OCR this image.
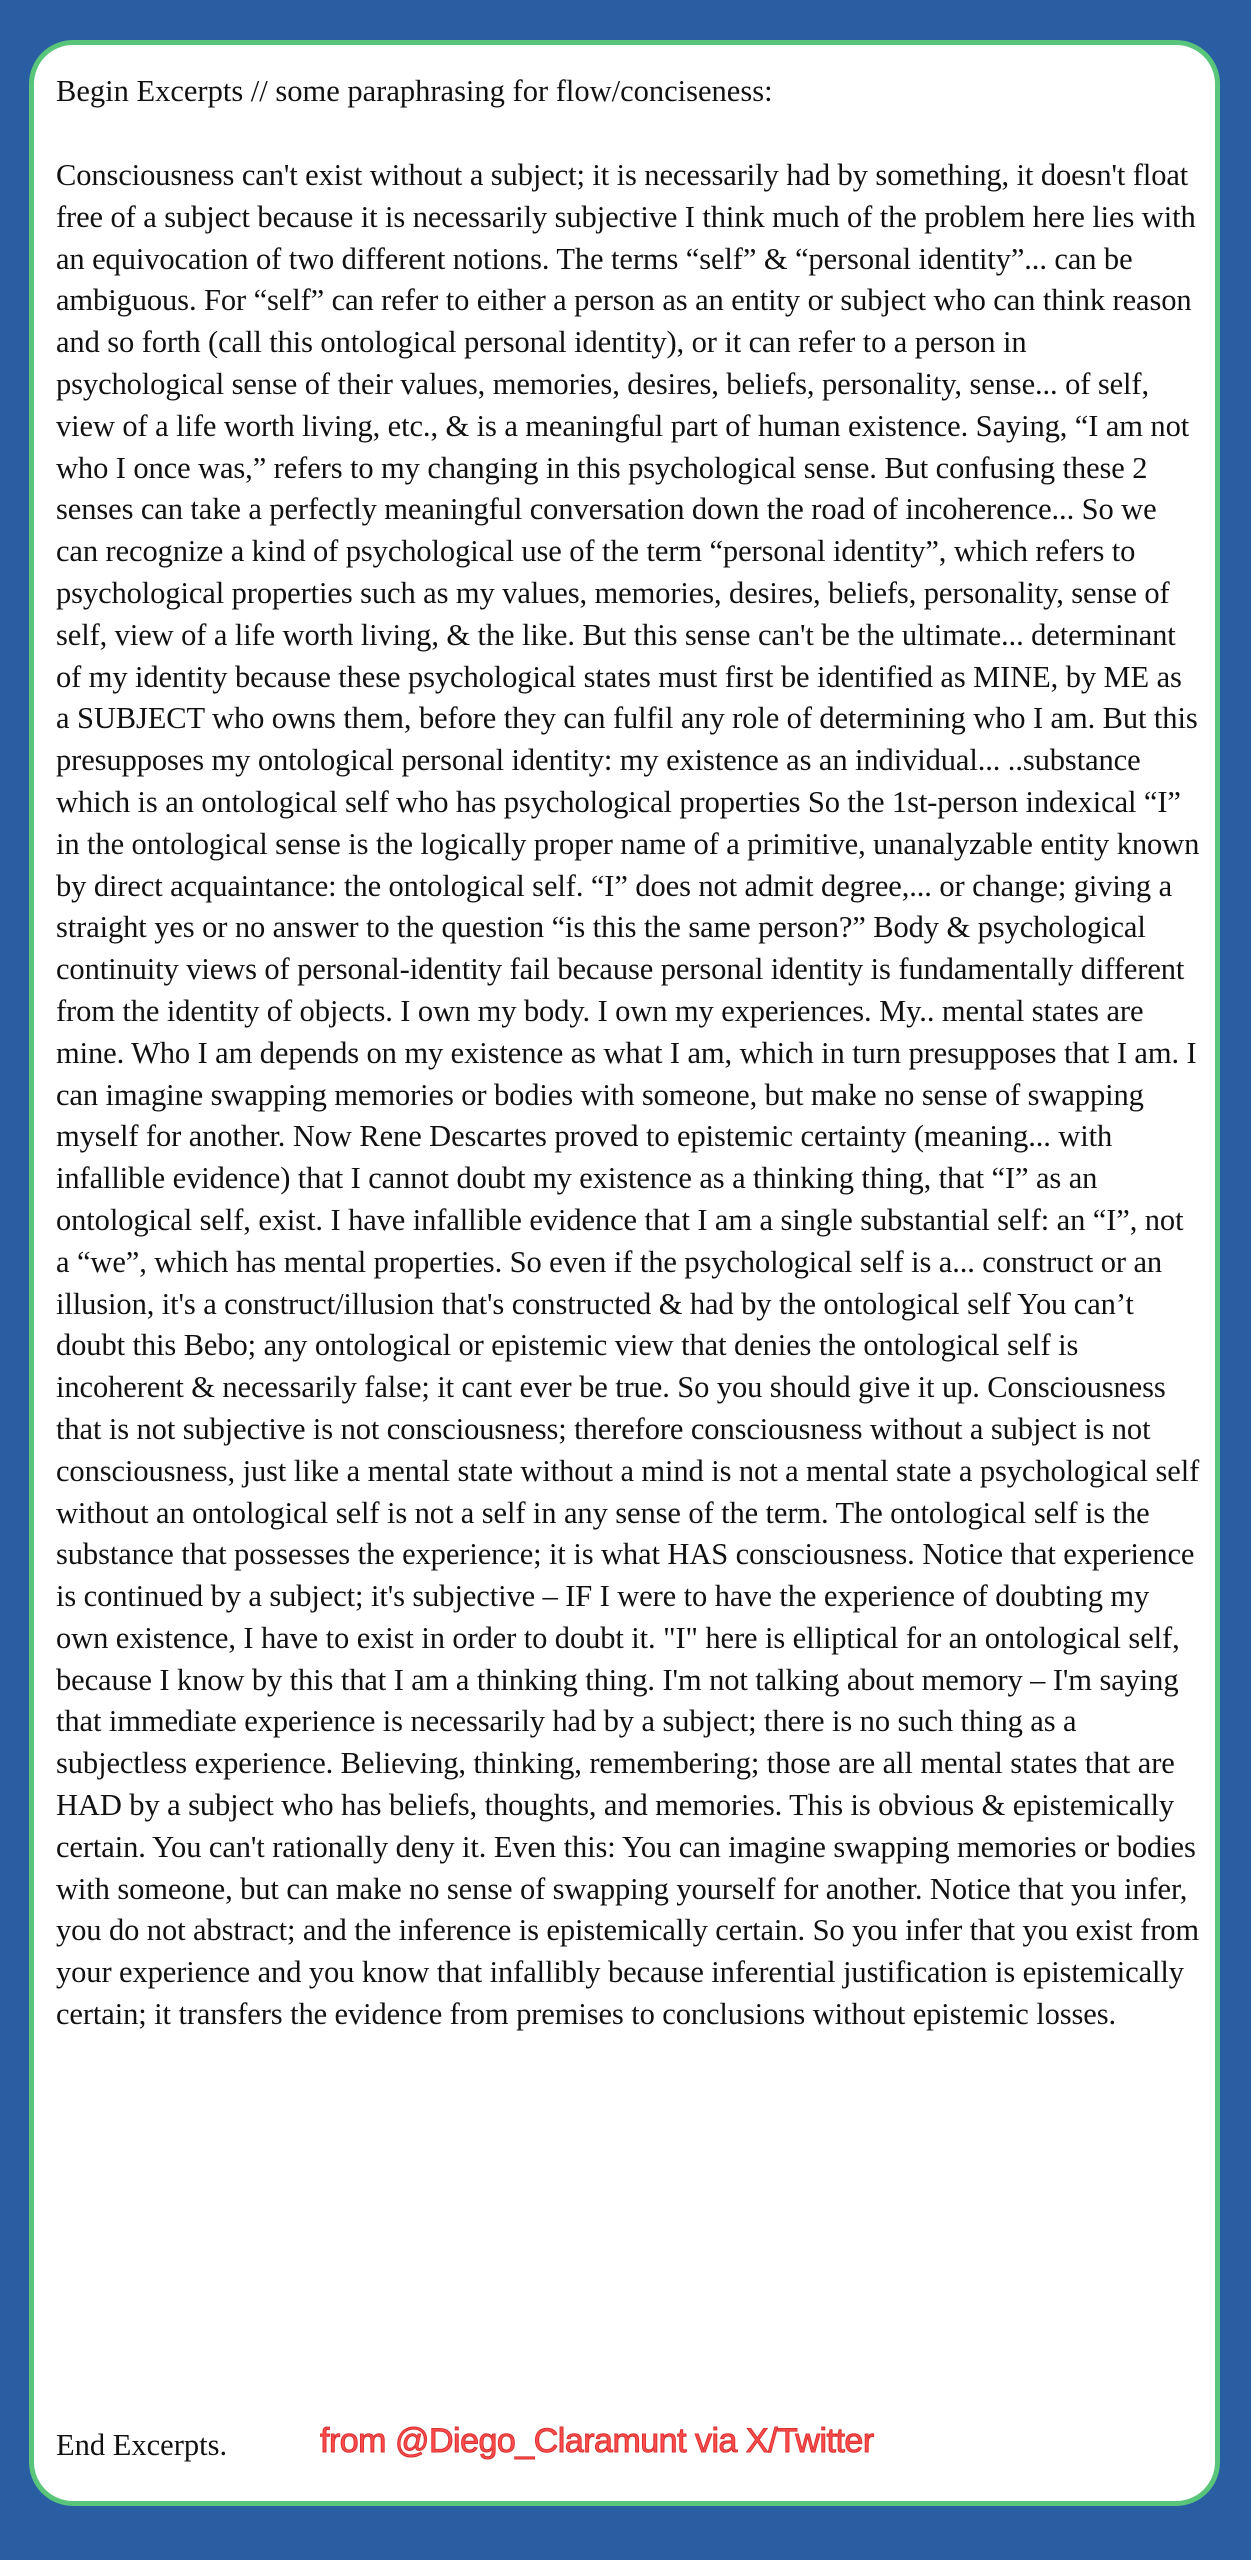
Begin Excerpts // some paraphrasing for flow/conciseness:

Consciousness can't exist without a subject; it is necessarily had by something, it doesn't float free of a subject because it is necessarily subjective I think much of the problem here lies with an equivocation of two different notions. The terms “self” & “personal identity”... can be ambiguous. For “self” can refer to either a person as an entity or subject who can think reason and so forth (call this ontological personal identity), or it can refer to a person in psychological sense of their values, memories, desires, beliefs, personality, sense... of self, view of a life worth living, etc., & is a meaningful part of human existence. Saying, “I am not who I once was,” refers to my changing in this psychological sense. But confusing these 2 senses can take a perfectly meaningful conversation down the road of incoherence... So we can recognize a kind of psychological use of the term “personal identity”, which refers to psychological properties such as my values, memories, desires, beliefs, personality, sense of self, view of a life worth living, & the like. But this sense can't be the ultimate... determinant of my identity because these psychological states must first be identified as MINE, by ME as a SUBJECT who owns them, before they can fulfil any role of determining who I am. But this presupposes my ontological personal identity: my existence as an individual... ..substance which is an ontological self who has psychological properties So the 1st-person indexical “I” in the ontological sense is the logically proper name of a primitive, unanalyzable entity known by direct acquaintance: the ontological self. “I” does not admit degree,... or change; giving a straight yes or no answer to the question “is this the same person?” Body & psychological continuity views of personal-identity fail because personal identity is fundamentally different from the identity of objects. I own my body. I own my experiences. My.. mental states are mine. Who I am depends on my existence as what I am, which in turn presupposes that I am. I can imagine swapping memories or bodies with someone, but make no sense of swapping myself for another. Now Rene Descartes proved to epistemic certainty (meaning... with infallible evidence) that I cannot doubt my existence as a thinking thing, that “I” as an ontological self, exist. I have infallible evidence that I am a single substantial self: an “I”, not a “we”, which has mental properties. So even if the psychological self is a... construct or an illusion, it's a construct/illusion that's constructed & had by the ontological self You can’t doubt this Bebo; any ontological or epistemic view that denies the ontological self is incoherent & necessarily false; it cant ever be true. So you should give it up. Consciousness that is not subjective is not consciousness; therefore consciousness without a subject is not consciousness, just like a mental state without a mind is not a mental state a psychological self without an ontological self is not a self in any sense of the term. The ontological self is the substance that possesses the experience; it is what HAS consciousness. Notice that experience is continued by a subject; it's subjective – IF I were to have the experience of doubting my own existence, I have to exist in order to doubt it. "I" here is elliptical for an ontological self, because I know by this that I am a thinking thing. I'm not talking about memory – I'm saying that immediate experience is necessarily had by a subject; there is no such thing as a subjectless experience. Believing, thinking, remembering; those are all mental states that are HAD by a subject who has beliefs, thoughts, and memories. This is obvious & epistemically certain. You can't rationally deny it. Even this: You can imagine swapping memories or bodies with someone, but can make no sense of swapping yourself for another. Notice that you infer, you do not abstract; and the inference is epistemically certain. So you infer that you exist from your experience and you know that infallibly because inferential justification is epistemically certain; it transfers the evidence from premises to conclusions without epistemic losses.

End Excerpts.	from @Diego_Claramunt via X/Twitter
